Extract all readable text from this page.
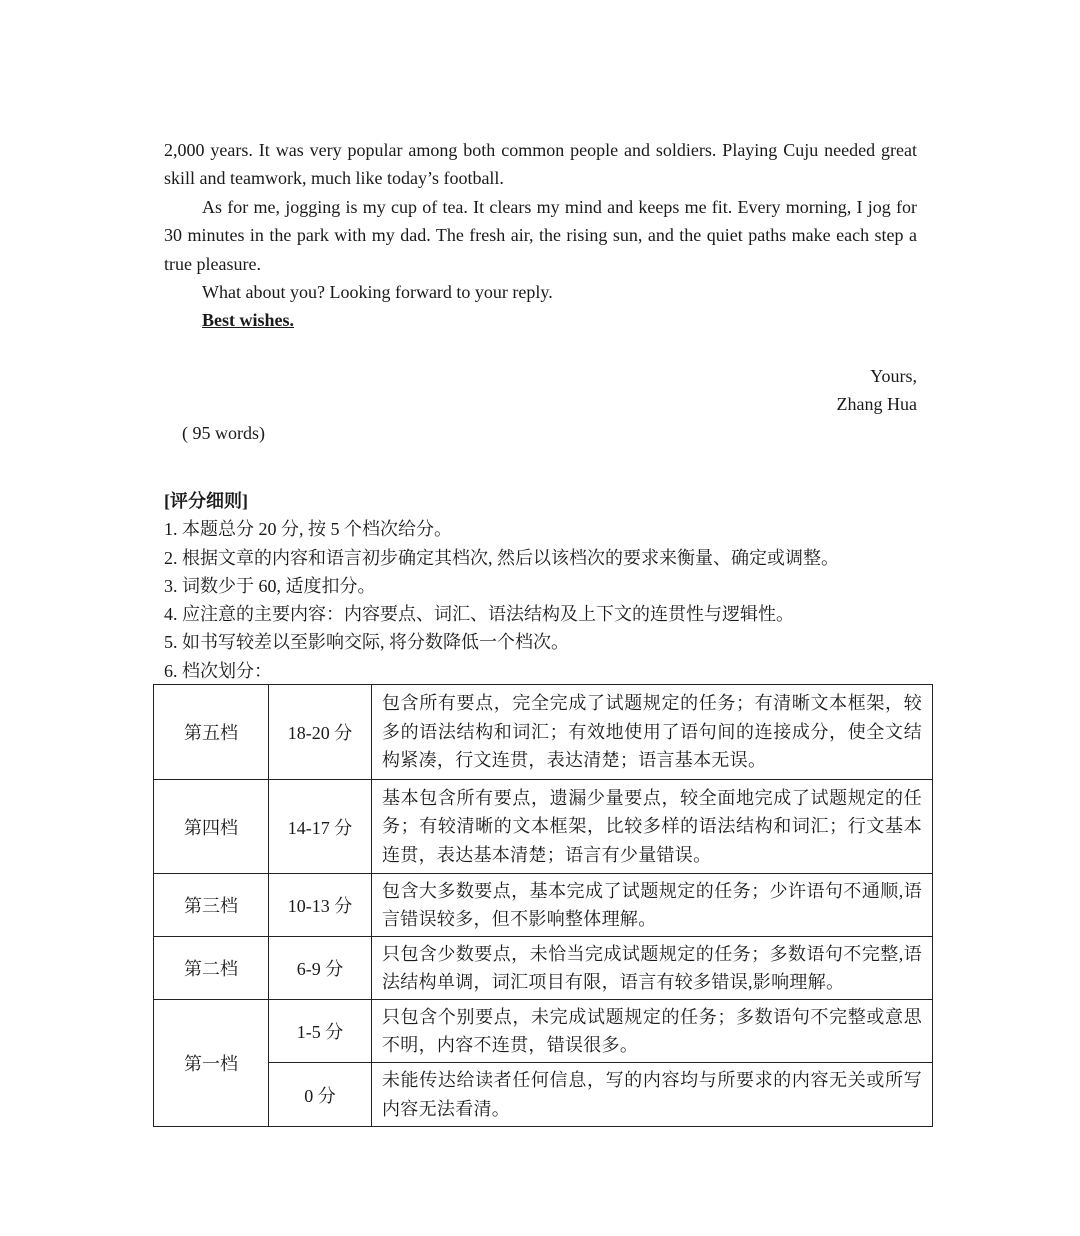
2,000 years. It was very popular among both common people and soldiers. Playing Cuju needed great skill and teamwork, much like today’s football.

As for me, jogging is my cup of tea. It clears my mind and keeps me fit. Every morning, I jog for 30 minutes in the park with my dad. The fresh air, the rising sun, and the quiet paths make each step a true pleasure.

What about you? Looking forward to your reply.

Best wishes.

Yours,
Zhang Hua
( 95 words)
[评分细则]
1. 本题总分 20 分, 按 5 个档次给分。
2. 根据文章的内容和语言初步确定其档次, 然后以该档次的要求来衡量、确定或调整。
3. 词数少于 60, 适度扣分。
4. 应注意的主要内容：内容要点、词汇、语法结构及上下文的连贯性与逻辑性。
5. 如书写较差以至影响交际, 将分数降低一个档次。
6. 档次划分：
第五档	18-20 分	包含所有要点，完全完成了试题规定的任务；有清晰文本框架，较多的语法结构和词汇；有效地使用了语句间的连接成分，使全文结构紧凑，行文连贯，表达清楚；语言基本无误。
第四档	14-17 分	基本包含所有要点，遗漏少量要点，较全面地完成了试题规定的任务；有较清晰的文本框架，比较多样的语法结构和词汇；行文基本连贯，表达基本清楚；语言有少量错误。
第三档	10-13 分	包含大多数要点，基本完成了试题规定的任务；少许语句不通顺,语言错误较多，但不影响整体理解。
第二档	6-9 分	只包含少数要点，未恰当完成试题规定的任务；多数语句不完整,语法结构单调，词汇项目有限，语言有较多错误,影响理解。
第一档	1-5 分	只包含个别要点，未完成试题规定的任务；多数语句不完整或意思不明，内容不连贯，错误很多。
	0 分	未能传达给读者任何信息，写的内容均与所要求的内容无关或所写内容无法看清。
